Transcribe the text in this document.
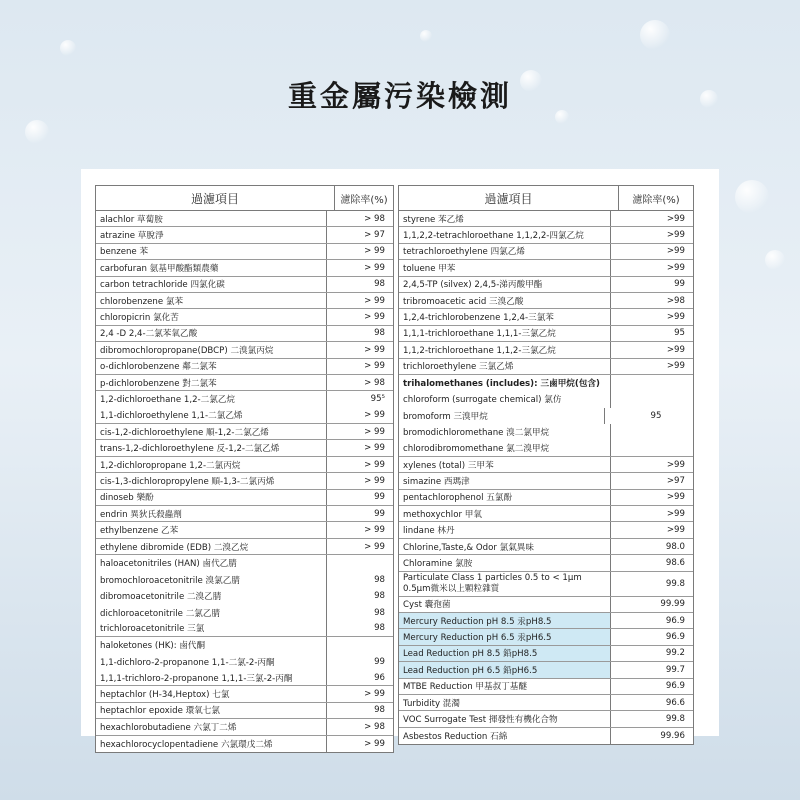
重金屬污染檢測
過濾項目	濾除率(%)
alachlor 草蔔胺	> 98
atrazine 草脫淨	> 97
benzene 苯	> 99
carbofuran 氨基甲酸酯類農藥	> 99
carbon tetrachloride 四氯化碳	98
chlorobenzene 氯苯	> 99
chloropicrin 氯化苦	> 99
2,4 -D 2,4-二氯苯氧乙酸	98
dibromochloropropane(DBCP) 二溴氯丙烷	> 99
o-dichlorobenzene 鄰二氯苯	> 99
p-dichlorobenzene 對二氯苯	> 98
1,2-dichloroethane 1,2-二氯乙烷	95⁵
1,1-dichloroethylene 1,1-二氯乙烯	> 99
cis-1,2-dichloroethylene 順-1,2-二氯乙烯	> 99
trans-1,2-dichloroethylene 反-1,2-二氯乙烯	> 99
1,2-dichloropropane 1,2-二氯丙烷	> 99
cis-1,3-dichloropropylene 順-1,3-二氯丙烯	> 99
dinoseb 樂酚	99
endrin 異狄氏殺蟲劑	99
ethylbenzene 乙苯	> 99
ethylene dibromide (EDB) 二溴乙烷	> 99
haloacetonitriles (HAN) 鹵代乙腈
bromochloroacetonitrile 溴氯乙腈	98
dibromoacetonitrile 二溴乙腈	98
dichloroacetonitrile 二氯乙腈	98
trichloroacetonitrile 三氯	98
haloketones (HK): 鹵代酮
1,1-dichloro-2-propanone 1,1-二氯-2-丙酮	99
1,1,1-trichloro-2-propanone 1,1,1-三氯-2-丙酮	96
heptachlor (H-34,Heptox) 七氯	> 99
heptachlor epoxide 環氧七氯	98
hexachlorobutadiene 六氯丁二烯	> 98
hexachlorocyclopentadiene 六氯環戊二烯	> 99
過濾項目	濾除率(%)
styrene 苯乙烯	>99
1,1,2,2-tetrachloroethane 1,1,2,2-四氯乙烷	>99
tetrachloroethylene 四氯乙烯	>99
toluene 甲苯	>99
2,4,5-TP (silvex) 2,4,5-涕丙酸甲酯	99
tribromoacetic acid 三溴乙酸	>98
1,2,4-trichlorobenzene 1,2,4-三氯苯	>99
1,1,1-trichloroethane 1,1,1-三氯乙烷	95
1,1,2-trichloroethane 1,1,2-三氯乙烷	>99
trichloroethylene 三氯乙烯	>99
trihalomethanes (includes): 三鹵甲烷(包含)
chloroform (surrogate chemical) 氯仿
bromoform 三溴甲烷	95
bromodichloromethane 溴二氯甲烷
chlorodibromomethane 氯二溴甲烷
xylenes (total) 三甲苯	>99
simazine 西瑪津	>97
pentachlorophenol 五氯酚	>99
methoxychlor 甲氧	>99
lindane 林丹	>99
Chlorine,Taste,& Odor 氯氣異味	98.0
Chloramine 氯胺	98.6
Particulate Class 1 particles 0.5 to < 1μm 0.5μm微米以上顆粒雜質	99.8
Cyst 囊孢菌	99.99
Mercury Reduction pH 8.5 汞pH8.5	96.9
Mercury Reduction pH 6.5 汞pH6.5	96.9
Lead Reduction pH 8.5 鉛pH8.5	99.2
Lead Reduction pH 6.5 鉛pH6.5	99.7
MTBE Reduction 甲基叔丁基醚	96.9
Turbidity 混濁	96.6
VOC Surrogate Test 揮發性有機化合物	99.8
Asbestos Reduction 石綿	99.96
